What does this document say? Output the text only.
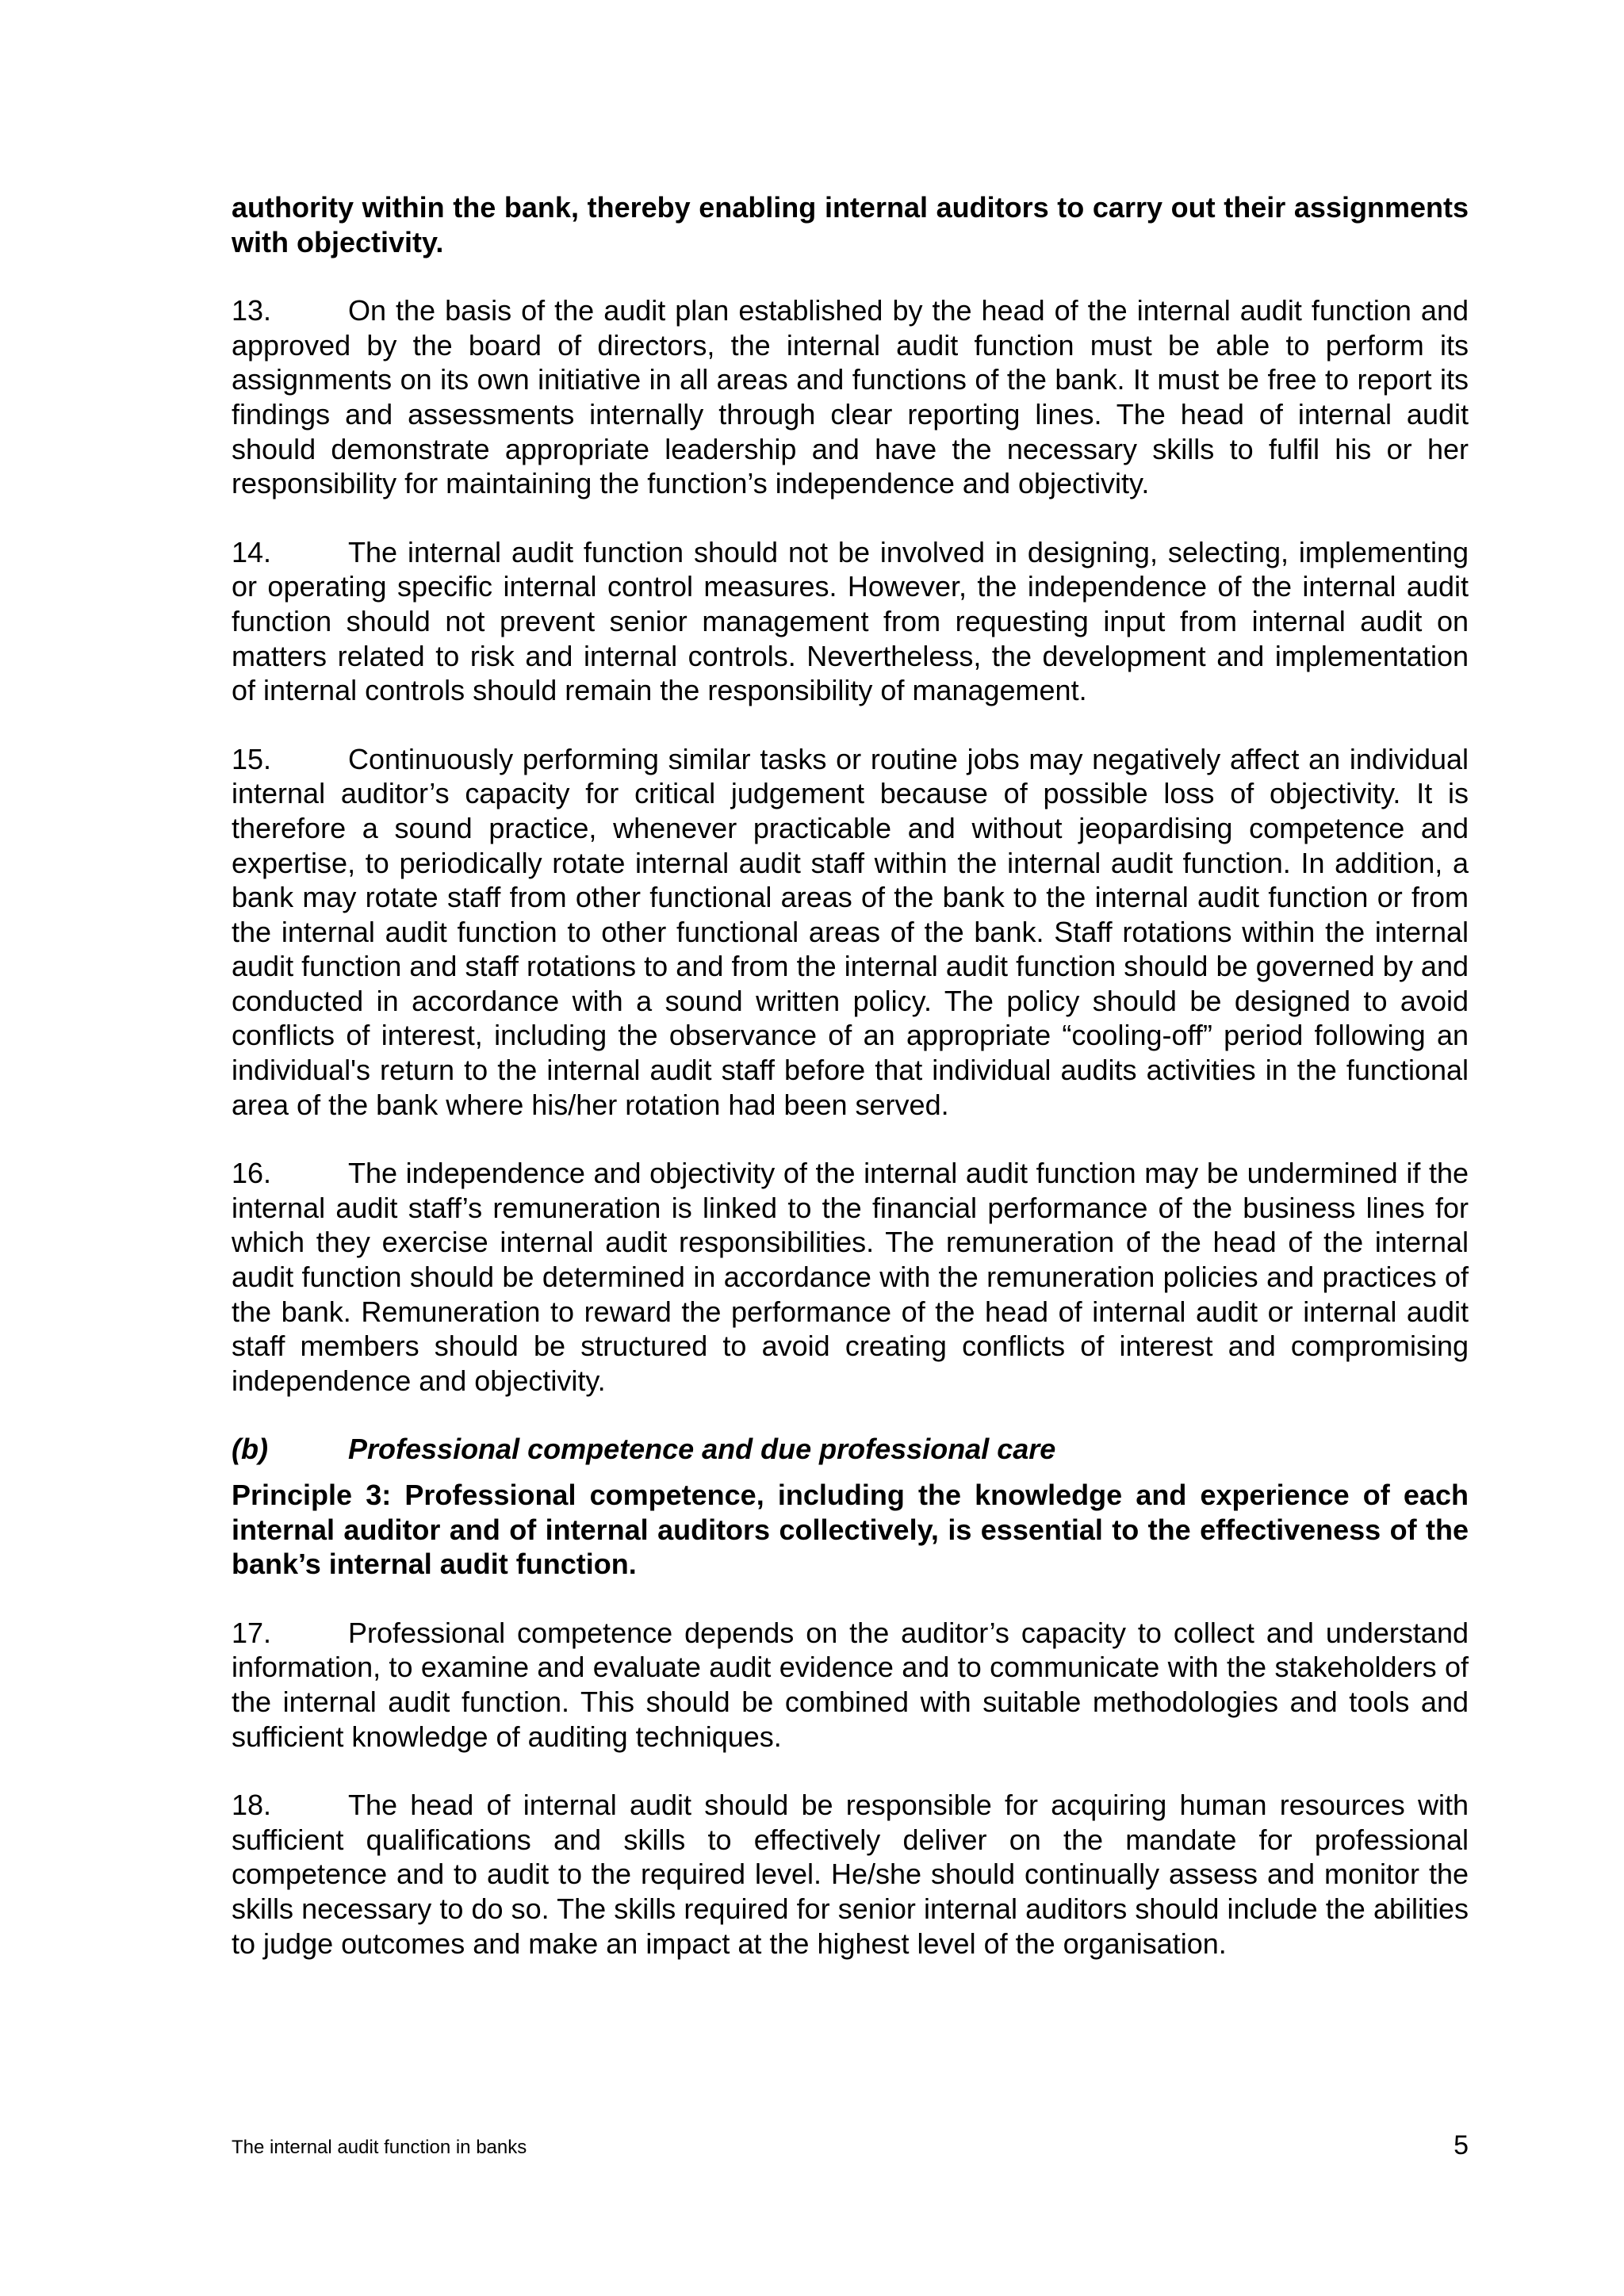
authority within the bank, thereby enabling internal auditors to carry out their assignments with objectivity.

13.	On the basis of the audit plan established by the head of the internal audit function and approved by the board of directors, the internal audit function must be able to perform its assignments on its own initiative in all areas and functions of the bank. It must be free to report its findings and assessments internally through clear reporting lines. The head of internal audit should demonstrate appropriate leadership and have the necessary skills to fulfil his or her responsibility for maintaining the function’s independence and objectivity.

14.	The internal audit function should not be involved in designing, selecting, implementing or operating specific internal control measures. However, the independence of the internal audit function should not prevent senior management from requesting input from internal audit on matters related to risk and internal controls. Nevertheless, the development and implementation of internal controls should remain the responsibility of management.

15.	Continuously performing similar tasks or routine jobs may negatively affect an individual internal auditor’s capacity for critical judgement because of possible loss of objectivity. It is therefore a sound practice, whenever practicable and without jeopardising competence and expertise, to periodically rotate internal audit staff within the internal audit function. In addition, a bank may rotate staff from other functional areas of the bank to the internal audit function or from the internal audit function to other functional areas of the bank. Staff rotations within the internal audit function and staff rotations to and from the internal audit function should be governed by and conducted in accordance with a sound written policy. The policy should be designed to avoid conflicts of interest, including the observance of an appropriate “cooling-off” period following an individual's return to the internal audit staff before that individual audits activities in the functional area of the bank where his/her rotation had been served.

16.	The independence and objectivity of the internal audit function may be undermined if the internal audit staff’s remuneration is linked to the financial performance of the business lines for which they exercise internal audit responsibilities. The remuneration of the head of the internal audit function should be determined in accordance with the remuneration policies and practices of the bank. Remuneration to reward the performance of the head of internal audit or internal audit staff members should be structured to avoid creating conflicts of interest and compromising independence and objectivity.

(b)	Professional competence and due professional care

Principle 3: Professional competence, including the knowledge and experience of each internal auditor and of internal auditors collectively, is essential to the effectiveness of the bank’s internal audit function.

17.	Professional competence depends on the auditor’s capacity to collect and understand information, to examine and evaluate audit evidence and to communicate with the stakeholders of the internal audit function. This should be combined with suitable methodologies and tools and sufficient knowledge of auditing techniques.

18.	The head of internal audit should be responsible for acquiring human resources with sufficient qualifications and skills to effectively deliver on the mandate for professional competence and to audit to the required level. He/she should continually assess and monitor the skills necessary to do so. The skills required for senior internal auditors should include the abilities to judge outcomes and make an impact at the highest level of the organisation.

The internal audit function in banks	5
